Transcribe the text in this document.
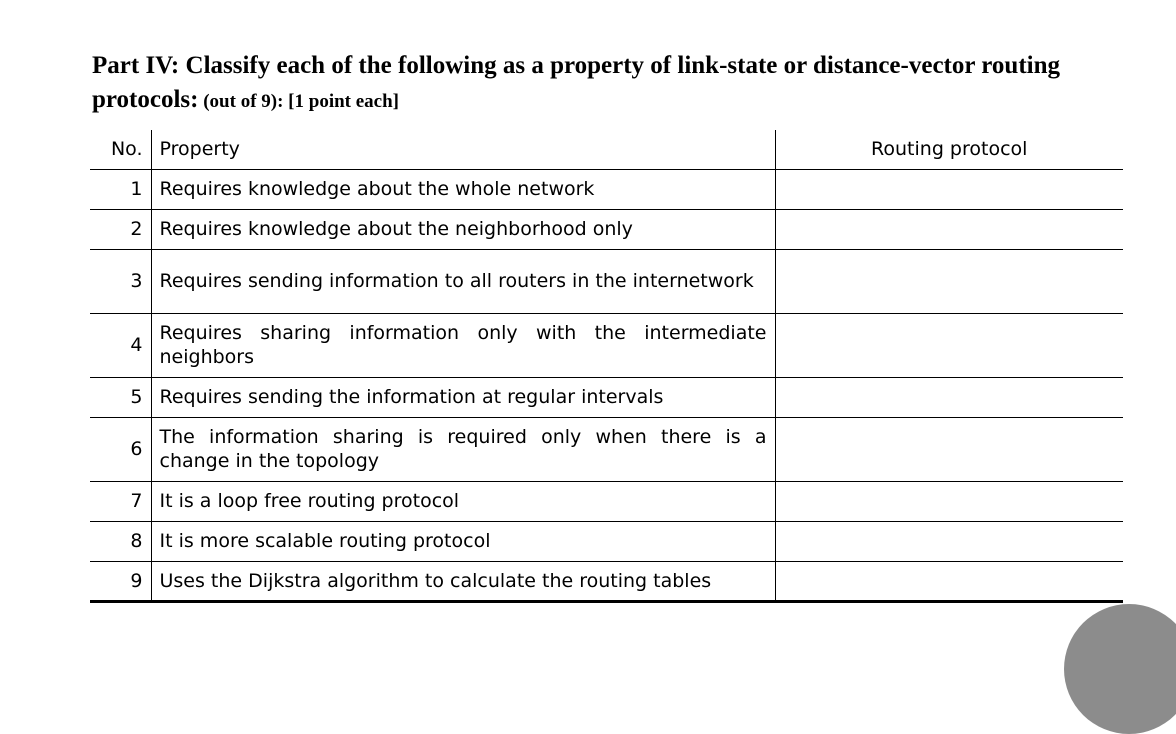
Part IV: Classify each of the following as a property of link-state or distance-vector routing protocols: (out of 9): [1 point each]

No.	Property	Routing protocol
1	Requires knowledge about the whole network	
2	Requires knowledge about the neighborhood only	
3	Requires sending information to all routers in the internetwork	
4	Requires sharing information only with the intermediate neighbors	
5	Requires sending the information at regular intervals	
6	The information sharing is required only when there is a change in the topology	
7	It is a loop free routing protocol	
8	It is more scalable routing protocol	
9	Uses the Dijkstra algorithm to calculate the routing tables	
